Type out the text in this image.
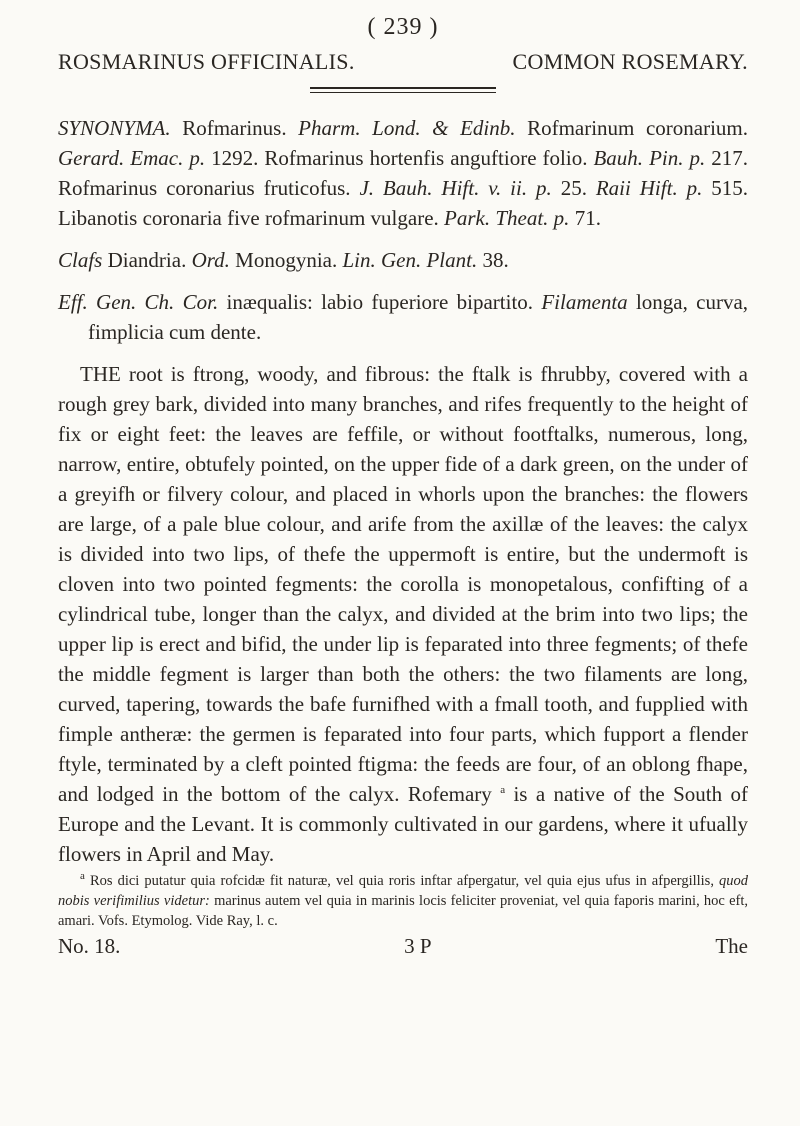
( 239 )
ROSMARINUS OFFICINALIS.	COMMON ROSEMARY.

SYNONYMA. Rofmarinus. Pharm. Lond. & Edinb. Rofmarinum coronarium. Gerard. Emac. p. 1292. Rofmarinus hortenfis anguftiore folio. Bauh. Pin. p. 217. Rofmarinus coronarius fruticofus. J. Bauh. Hift. v. ii. p. 25. Raii Hift. p. 515. Libanotis coronaria five rofmarinum vulgare. Park. Theat. p. 71.

Clafs Diandria. Ord. Monogynia. Lin. Gen. Plant. 38.

Eff. Gen. Ch. Cor. inæqualis: labio fuperiore bipartito. Filamenta longa, curva, fimplicia cum dente.

THE root is ftrong, woody, and fibrous: the ftalk is fhrubby, covered with a rough grey bark, divided into many branches, and rifes frequently to the height of fix or eight feet: the leaves are feffile, or without footftalks, numerous, long, narrow, entire, obtufely pointed, on the upper fide of a dark green, on the under of a greyifh or filvery colour, and placed in whorls upon the branches: the flowers are large, of a pale blue colour, and arife from the axillæ of the leaves: the calyx is divided into two lips, of thefe the uppermoft is entire, but the undermoft is cloven into two pointed fegments: the corolla is monopetalous, confifting of a cylindrical tube, longer than the calyx, and divided at the brim into two lips; the upper lip is erect and bifid, the under lip is feparated into three fegments; of thefe the middle fegment is larger than both the others: the two filaments are long, curved, tapering, towards the bafe furnifhed with a fmall tooth, and fupplied with fimple antheræ: the germen is feparated into four parts, which fupport a flender ftyle, terminated by a cleft pointed ftigma: the feeds are four, of an oblong fhape, and lodged in the bottom of the calyx. Rofemary $^a$ is a native of the South of Europe and the Levant. It is commonly cultivated in our gardens, where it ufually flowers in April and May.

$^a$ Ros dici putatur quia rofcidæ fit naturæ, vel quia roris inftar afpergatur, vel quia ejus ufus in afpergillis, quod nobis verifimilius videtur: marinus autem vel quia in marinis locis feliciter proveniat, vel quia faporis marini, hoc eft, amari. Vofs. Etymolog. Vide Ray, l. c.

No. 18.	3 P	The
